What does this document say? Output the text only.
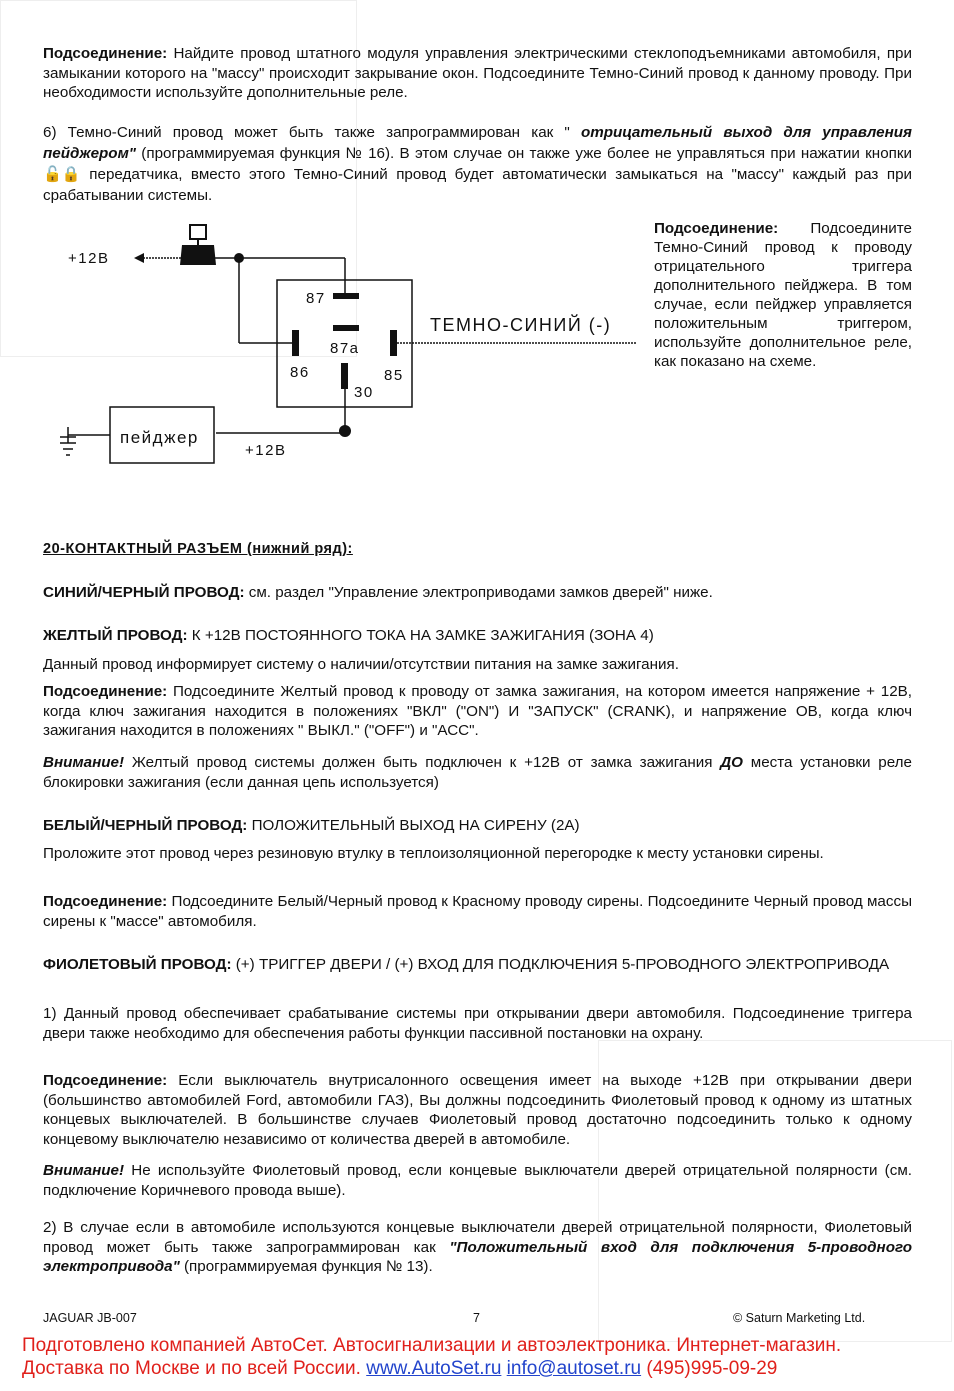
Подсоединение: Найдите провод штатного модуля управления электрическими стеклоподъемниками автомобиля, при замыкании которого на "массу" происходит закрывание окон. Подсоедините Темно-Синий провод к данному проводу. При необходимости используйте дополнительные реле.
6) Темно-Синий провод может быть также запрограммирован как " отрицательный выход для управления пейджером" (программируемая функция № 16). В этом случае он также уже более не управляться при нажатии кнопки 🔓🔒 передатчика, вместо этого Темно-Синий провод будет автоматически замыкаться на "массу" каждый раз при срабатывании системы.
+12В
87
87a
86	85
30
ТЕМНО-СИНИЙ (-)
+12В
пейджер
Подсоединение: Подсоедините Темно-Синий провод к проводу отрицательного триггера дополнительного пейджера. В том случае, если пейджер управляется положительным триггером, используйте дополнительное реле, как показано на схеме.
20-КОНТАКТНЫЙ РАЗЪЕМ (нижний ряд):
СИНИЙ/ЧЕРНЫЙ ПРОВОД: см. раздел "Управление электроприводами замков дверей" ниже.
ЖЕЛТЫЙ ПРОВОД: К +12В ПОСТОЯННОГО ТОКА НА ЗАМКЕ ЗАЖИГАНИЯ (ЗОНА 4)
Данный провод информирует систему о наличии/отсутствии питания на замке зажигания.
Подсоединение: Подсоедините Желтый провод к проводу от замка зажигания, на котором имеется напряжение + 12В, когда ключ зажигания находится в положениях "ВКЛ" ("ON") И "ЗАПУСК" (CRANK), и напряжение ОВ, когда ключ зажигания находится в положениях " ВЫКЛ." ("OFF") и "АСС".
Внимание! Желтый провод системы должен быть подключен к +12В от замка зажигания ДО места установки реле блокировки зажигания (если данная цепь используется)
БЕЛЫЙ/ЧЕРНЫЙ ПРОВОД: ПОЛОЖИТЕЛЬНЫЙ ВЫХОД НА СИРЕНУ (2А)
Проложите этот провод через резиновую втулку в теплоизоляционной перегородке к месту установки сирены.
Подсоединение: Подсоедините Белый/Черный провод к Красному проводу сирены. Подсоедините Черный провод массы сирены к "массе" автомобиля.
ФИОЛЕТОВЫЙ ПРОВОД: (+) ТРИГГЕР ДВЕРИ / (+) ВХОД ДЛЯ ПОДКЛЮЧЕНИЯ 5-ПРОВОДНОГО ЭЛЕКТРОПРИВОДА
1) Данный провод обеспечивает срабатывание системы при открывании двери автомобиля. Подсоединение триггера двери также необходимо для обеспечения работы функции пассивной постановки на охрану.
Подсоединение: Если выключатель внутрисалонного освещения имеет на выходе +12В при открывании двери (большинство автомобилей Ford, автомобили ГАЗ), Вы должны подсоединить Фиолетовый провод к одному из штатных концевых выключателей. В большинстве случаев Фиолетовый провод достаточно подсоединить только к одному концевому выключателю независимо от количества дверей в автомобиле.
Внимание! Не используйте Фиолетовый провод, если концевые выключатели дверей отрицательной полярности (см. подключение Коричневого провода выше).
2) В случае если в автомобиле используются концевые выключатели дверей отрицательной полярности, Фиолетовый провод может быть также запрограммирован как "Положительный вход для подключения 5-проводного электропривода" (программируемая функция № 13).
JAGUAR JB-007	7	© Saturn Marketing Ltd.
Подготовлено компанией АвтоСет. Автосигнализации и автоэлектроника. Интернет-магазин.
Доставка по Москве и по всей России. www.AutoSet.ru info@autoset.ru (495)995-09-29
